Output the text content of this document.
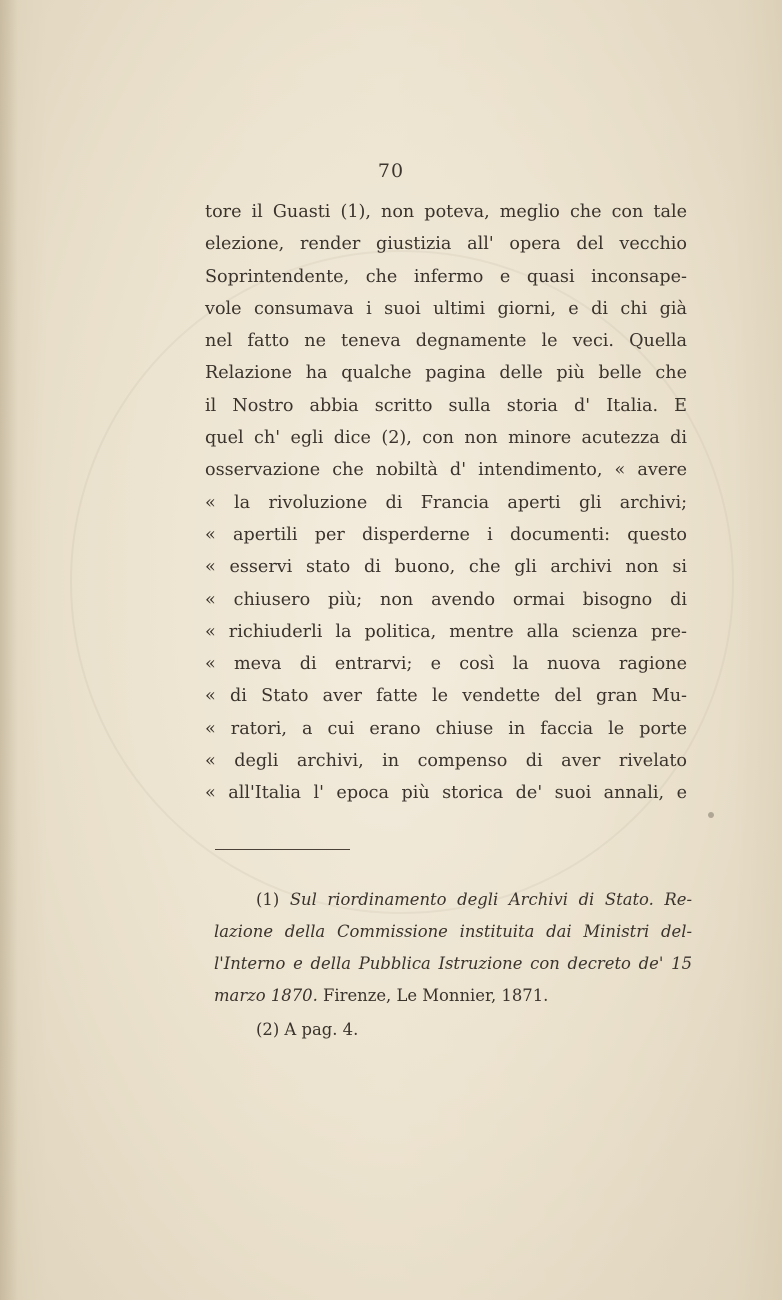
70
tore il Guasti (1), non poteva, meglio che con tale
elezione, render giustizia all' opera del vecchio
Soprintendente, che infermo e quasi inconsape-
vole consumava i suoi ultimi giorni, e di chi già
nel fatto ne teneva degnamente le veci. Quella
Relazione ha qualche pagina delle più belle che
il Nostro abbia scritto sulla storia d' Italia. E
quel ch' egli dice (2), con non minore acutezza di
osservazione che nobiltà d' intendimento, « avere
« la rivoluzione di Francia aperti gli archivi;
« apertili per disperderne i documenti: questo
« esservi stato di buono, che gli archivi non si
« chiusero più; non avendo ormai bisogno di
« richiuderli la politica, mentre alla scienza pre-
« meva di entrarvi; e così la nuova ragione
« di Stato aver fatte le vendette del gran Mu-
« ratori, a cui erano chiuse in faccia le porte
« degli archivi, in compenso di aver rivelato
« all'Italia l' epoca più storica de' suoi annali, e
(1) Sul riordinamento degli Archivi di Stato. Re-
lazione della Commissione instituita dai Ministri del-
l'Interno e della Pubblica Istruzione con decreto de' 15
marzo 1870. Firenze, Le Monnier, 1871.
(2) A pag. 4.
